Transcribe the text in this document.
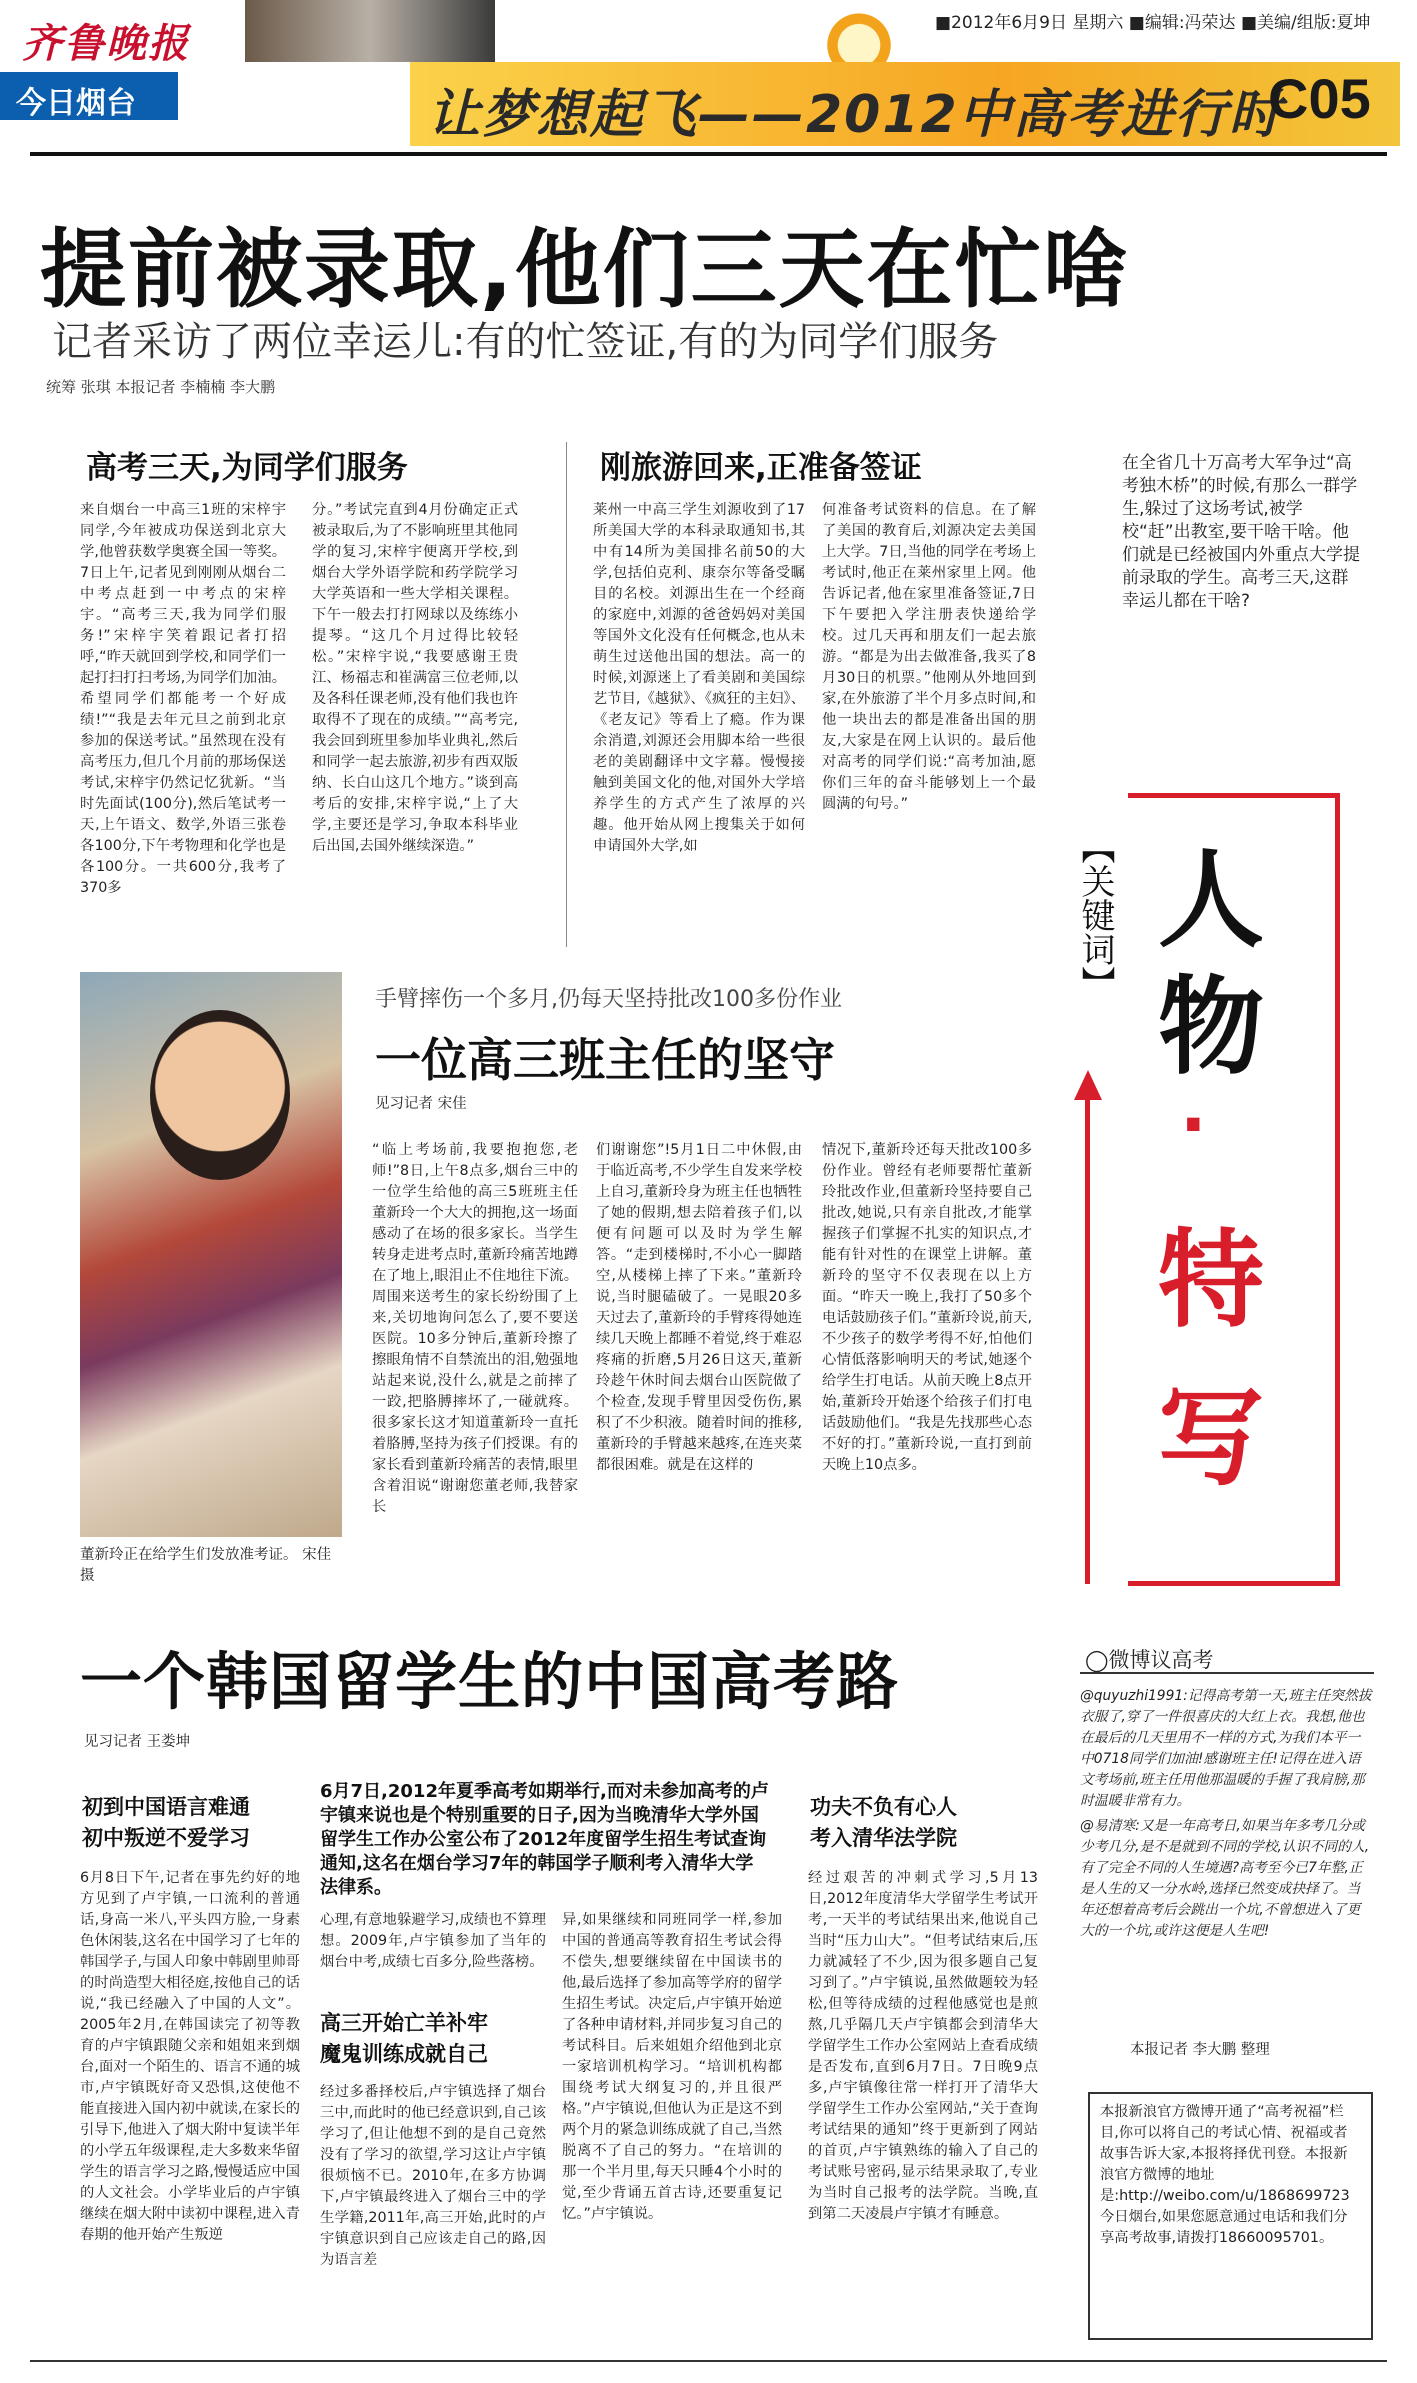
齐鲁晚报
今日烟台
■2012年6月9日 星期六 ■编辑:冯荣达 ■美编/组版:夏坤
让梦想起飞——2012中高考进行时
C05
提前被录取,他们三天在忙啥
记者采访了两位幸运儿:有的忙签证,有的为同学们服务
统筹 张琪 本报记者 李楠楠 李大鹏
高考三天,为同学们服务
来自烟台一中高三1班的宋梓宇同学,今年被成功保送到北京大学,他曾获数学奥赛全国一等奖。7日上午,记者见到刚刚从烟台二中考点赶到一中考点的宋梓宇。“高考三天,我为同学们服务!”宋梓宇笑着跟记者打招呼,“昨天就回到学校,和同学们一起打扫打扫考场,为同学们加油。希望同学们都能考一个好成绩!”“我是去年元旦之前到北京参加的保送考试。”虽然现在没有高考压力,但几个月前的那场保送考试,宋梓宇仍然记忆犹新。“当时先面试(100分),然后笔试考一天,上午语文、数学,外语三张卷各100分,下午考物理和化学也是各100分。一共600分,我考了370多
分。”考试完直到4月份确定正式被录取后,为了不影响班里其他同学的复习,宋梓宇便离开学校,到烟台大学外语学院和药学院学习大学英语和一些大学相关课程。下午一般去打打网球以及练练小提琴。“这几个月过得比较轻松。”宋梓宇说,“我要感谢王贵江、杨福志和崔满富三位老师,以及各科任课老师,没有他们我也许取得不了现在的成绩。”“高考完,我会回到班里参加毕业典礼,然后和同学一起去旅游,初步有西双版纳、长白山这几个地方。”谈到高考后的安排,宋梓宇说,“上了大学,主要还是学习,争取本科毕业后出国,去国外继续深造。”
刚旅游回来,正准备签证
莱州一中高三学生刘源收到了17所美国大学的本科录取通知书,其中有14所为美国排名前50的大学,包括伯克利、康奈尔等备受瞩目的名校。刘源出生在一个经商的家庭中,刘源的爸爸妈妈对美国等国外文化没有任何概念,也从未萌生过送他出国的想法。高一的时候,刘源迷上了看美剧和美国综艺节目,《越狱》、《疯狂的主妇》、《老友记》等看上了瘾。作为课余消遣,刘源还会用脚本给一些很老的美剧翻译中文字幕。慢慢接触到美国文化的他,对国外大学培养学生的方式产生了浓厚的兴趣。他开始从网上搜集关于如何申请国外大学,如
何准备考试资料的信息。在了解了美国的教育后,刘源决定去美国上大学。7日,当他的同学在考场上考试时,他正在莱州家里上网。他告诉记者,他在家里准备签证,7日下午要把入学注册表快递给学校。过几天再和朋友们一起去旅游。“都是为出去做准备,我买了8月30日的机票。”他刚从外地回到家,在外旅游了半个月多点时间,和他一块出去的都是准备出国的朋友,大家是在网上认识的。最后他对高考的同学们说:“高考加油,愿你们三年的奋斗能够划上一个最圆满的句号。”
在全省几十万高考大军争过“高考独木桥”的时候,有那么一群学生,躲过了这场考试,被学校“赶”出教室,要干啥干啥。他们就是已经被国内外重点大学提前录取的学生。高考三天,这群幸运儿都在干啥?
【关键词】 人
物
·
特
写
董新玲正在给学生们发放准考证。 宋佳 摄
手臂摔伤一个多月,仍每天坚持批改100多份作业
一位高三班主任的坚守
见习记者 宋佳
“临上考场前,我要抱抱您,老师!”8日,上午8点多,烟台三中的一位学生给他的高三5班班主任董新玲一个大大的拥抱,这一场面感动了在场的很多家长。当学生转身走进考点时,董新玲痛苦地蹲在了地上,眼泪止不住地往下流。周围来送考生的家长纷纷围了上来,关切地询问怎么了,要不要送医院。10多分钟后,董新玲擦了擦眼角情不自禁流出的泪,勉强地站起来说,没什么,就是之前摔了一跤,把胳膊摔坏了,一碰就疼。很多家长这才知道董新玲一直托着胳膊,坚持为孩子们授课。有的家长看到董新玲痛苦的表情,眼里含着泪说“谢谢您董老师,我替家长
们谢谢您”!5月1日二中休假,由于临近高考,不少学生自发来学校上自习,董新玲身为班主任也牺牲了她的假期,想去陪着孩子们,以便有问题可以及时为学生解答。“走到楼梯时,不小心一脚踏空,从楼梯上摔了下来。”董新玲说,当时腿磕破了。一晃眼20多天过去了,董新玲的手臂疼得她连续几天晚上都睡不着觉,终于难忍疼痛的折磨,5月26日这天,董新玲趁午休时间去烟台山医院做了个检查,发现手臂里因受伤伤,累积了不少积液。随着时间的推移,董新玲的手臂越来越疼,在连夹菜都很困难。就是在这样的
情况下,董新玲还每天批改100多份作业。曾经有老师要帮忙董新玲批改作业,但董新玲坚持要自己批改,她说,只有亲自批改,才能掌握孩子们掌握不扎实的知识点,才能有针对性的在课堂上讲解。董新玲的坚守不仅表现在以上方面。“昨天一晚上,我打了50多个电话鼓励孩子们。”董新玲说,前天,不少孩子的数学考得不好,怕他们心情低落影响明天的考试,她逐个给学生打电话。从前天晚上8点开始,董新玲开始逐个给孩子们打电话鼓励他们。“我是先找那些心态不好的打。”董新玲说,一直打到前天晚上10点多。
一个韩国留学生的中国高考路
见习记者 王娄坤
6月7日,2012年夏季高考如期举行,而对未参加高考的卢宇镇来说也是个特别重要的日子,因为当晚清华大学外国留学生工作办公室公布了2012年度留学生招生考试查询通知,这名在烟台学习7年的韩国学子顺利考入清华大学法律系。
初到中国语言难通
初中叛逆不爱学习
6月8日下午,记者在事先约好的地方见到了卢宇镇,一口流利的普通话,身高一米八,平头四方脸,一身素色休闲装,这名在中国学习了七年的韩国学子,与国人印象中韩剧里帅哥的时尚造型大相径庭,按他自己的话说,“我已经融入了中国的人文”。2005年2月,在韩国读完了初等教育的卢宇镇跟随父亲和姐姐来到烟台,面对一个陌生的、语言不通的城市,卢宇镇既好奇又恐惧,这使他不能直接进入国内初中就读,在家长的引导下,他进入了烟大附中复读半年的小学五年级课程,走大多数来华留学生的语言学习之路,慢慢适应中国的人文社会。小学毕业后的卢宇镇继续在烟大附中读初中课程,进入青春期的他开始产生叛逆
心理,有意地躲避学习,成绩也不算理想。2009年,卢宇镇参加了当年的烟台中考,成绩七百多分,险些落榜。
高三开始亡羊补牢
魔鬼训练成就自己
经过多番择校后,卢宇镇选择了烟台三中,而此时的他已经意识到,自己该学习了,但让他想不到的是自己竟然没有了学习的欲望,学习这让卢宇镇很烦恼不已。2010年,在多方协调下,卢宇镇最终进入了烟台三中的学生学籍,2011年,高三开始,此时的卢宇镇意识到自己应该走自己的路,因为语言差
异,如果继续和同班同学一样,参加中国的普通高等教育招生考试会得不偿失,想要继续留在中国读书的他,最后选择了参加高等学府的留学生招生考试。决定后,卢宇镇开始逆了各种申请材料,并同步复习自己的考试科目。后来姐姐介绍他到北京一家培训机构学习。“培训机构都围绕考试大纲复习的,并且很严格。”卢宇镇说,但他认为正是这不到两个月的紧急训练成就了自己,当然脱离不了自己的努力。“在培训的那一个半月里,每天只睡4个小时的觉,至少背诵五首古诗,还要重复记忆。”卢宇镇说。
功夫不负有心人
考入清华法学院
经过艰苦的冲刺式学习,5月13日,2012年度清华大学留学生考试开考,一天半的考试结果出来,他说自己当时“压力山大”。“但考试结束后,压力就减轻了不少,因为很多题自己复习到了。”卢宇镇说,虽然做题较为轻松,但等待成绩的过程他感觉也是煎熬,几乎隔几天卢宇镇都会到清华大学留学生工作办公室网站上查看成绩是否发布,直到6月7日。7日晚9点多,卢宇镇像往常一样打开了清华大学留学生工作办公室网站,“关于查询考试结果的通知”终于更新到了网站的首页,卢宇镇熟练的输入了自己的考试账号密码,显示结果录取了,专业为当时自己报考的法学院。当晚,直到第二天凌晨卢宇镇才有睡意。
◯微博议高考
@quyuzhi1991:记得高考第一天,班主任突然拔衣服了,穿了一件很喜庆的大红上衣。我想,他也在最后的几天里用不一样的方式,为我们本平一中0718同学们加油!感谢班主任!记得在进入语文考场前,班主任用他那温暖的手握了我肩膀,那时温暖非常有力。
@易清寒:又是一年高考日,如果当年多考几分或少考几分,是不是就到不同的学校,认识不同的人,有了完全不同的人生境遇?高考至今已7年整,正是人生的又一分水岭,选择已然变成抉择了。当年还想着高考后会跳出一个坑,不曾想进入了更大的一个坑,或许这便是人生吧!
本报记者 李大鹏 整理
本报新浪官方微博开通了“高考祝福”栏目,你可以将自己的考试心情、祝福或者故事告诉大家,本报将择优刊登。本报新浪官方微博的地址是:http://weibo.com/u/1868699723今日烟台,如果您愿意通过电话和我们分享高考故事,请拨打18660095701。
